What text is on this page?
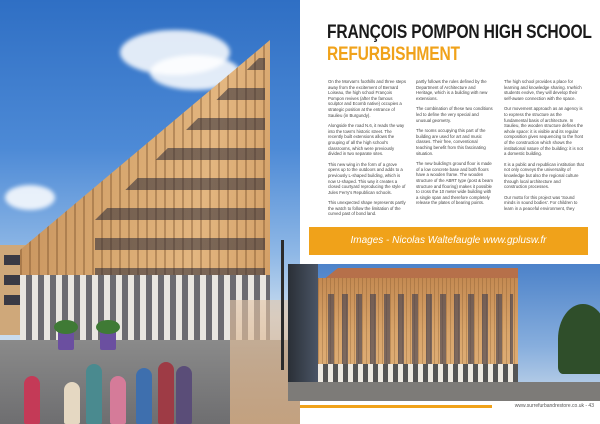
FRANÇOIS POMPON HIGH SCHOOL
REFURBISHMENT

On the Morvan's foothills and three steps away from the excitement of Bernard Loiseau, the high school François Pompon revives (after the famous sculptor and Ecomb native) occupies a strategic position at the entrance of Saulieu (in Burgundy).

Alongside the road N.6, it reads the way into the town's historic street. The recently built extensions allows the grouping of all the high school's classrooms, which were previously divided in two separate sites.

This new wing in the form of a grove opens up to the outdoors and adds to a previously L-shaped building, which is now U-shaped. This way it creates a closed courtyard reproducing the style of Jules Ferry's Republican schools.

This unexpected shape represents partly the watch to follow the limitation of the curved past of bond land.

partly follows the rules defined by the Department of Architecture and Heritage, which is a building with new extensions.

The combination of these two conditions led to define the very special and unusual geometry.

The rooms occupying this part of the building are used for art and music classes. Their free, conventional teaching benefit from this fascinating situation.

The new building's ground floor is made of a low concrete base and both floors have a wooden frame. The wooden structure of the ABRT type (post & beam structure and flooring) makes it possible to cross the 10 meter wide building with a single span and therefore completely release the plates of bearing points.

The high school provides a place for learning and knowledge sharing. Inwhich students evolve, they will develop their self-aware connection with the space.

Our movement approach as an agency is to express the structure as the fundamental basis of architecture. In Saulieu, the wooden structure defines the whole space: it is visible and its regular composition gives sequencing to the front of the construction which shows the institutional nature of the building: it is not a domestic building.

It is a public and republican institution that not only conveys the universality of knowledge but also the regional culture through local architecture and construction processes.

Our motto for this project was 'Sound minds in sound bodies'. For children to learn in a peaceful environment, they

Images - Nicolas Waltefaugle www.gplusw.fr
www.surrefurbandrestore.co.uk - 43
